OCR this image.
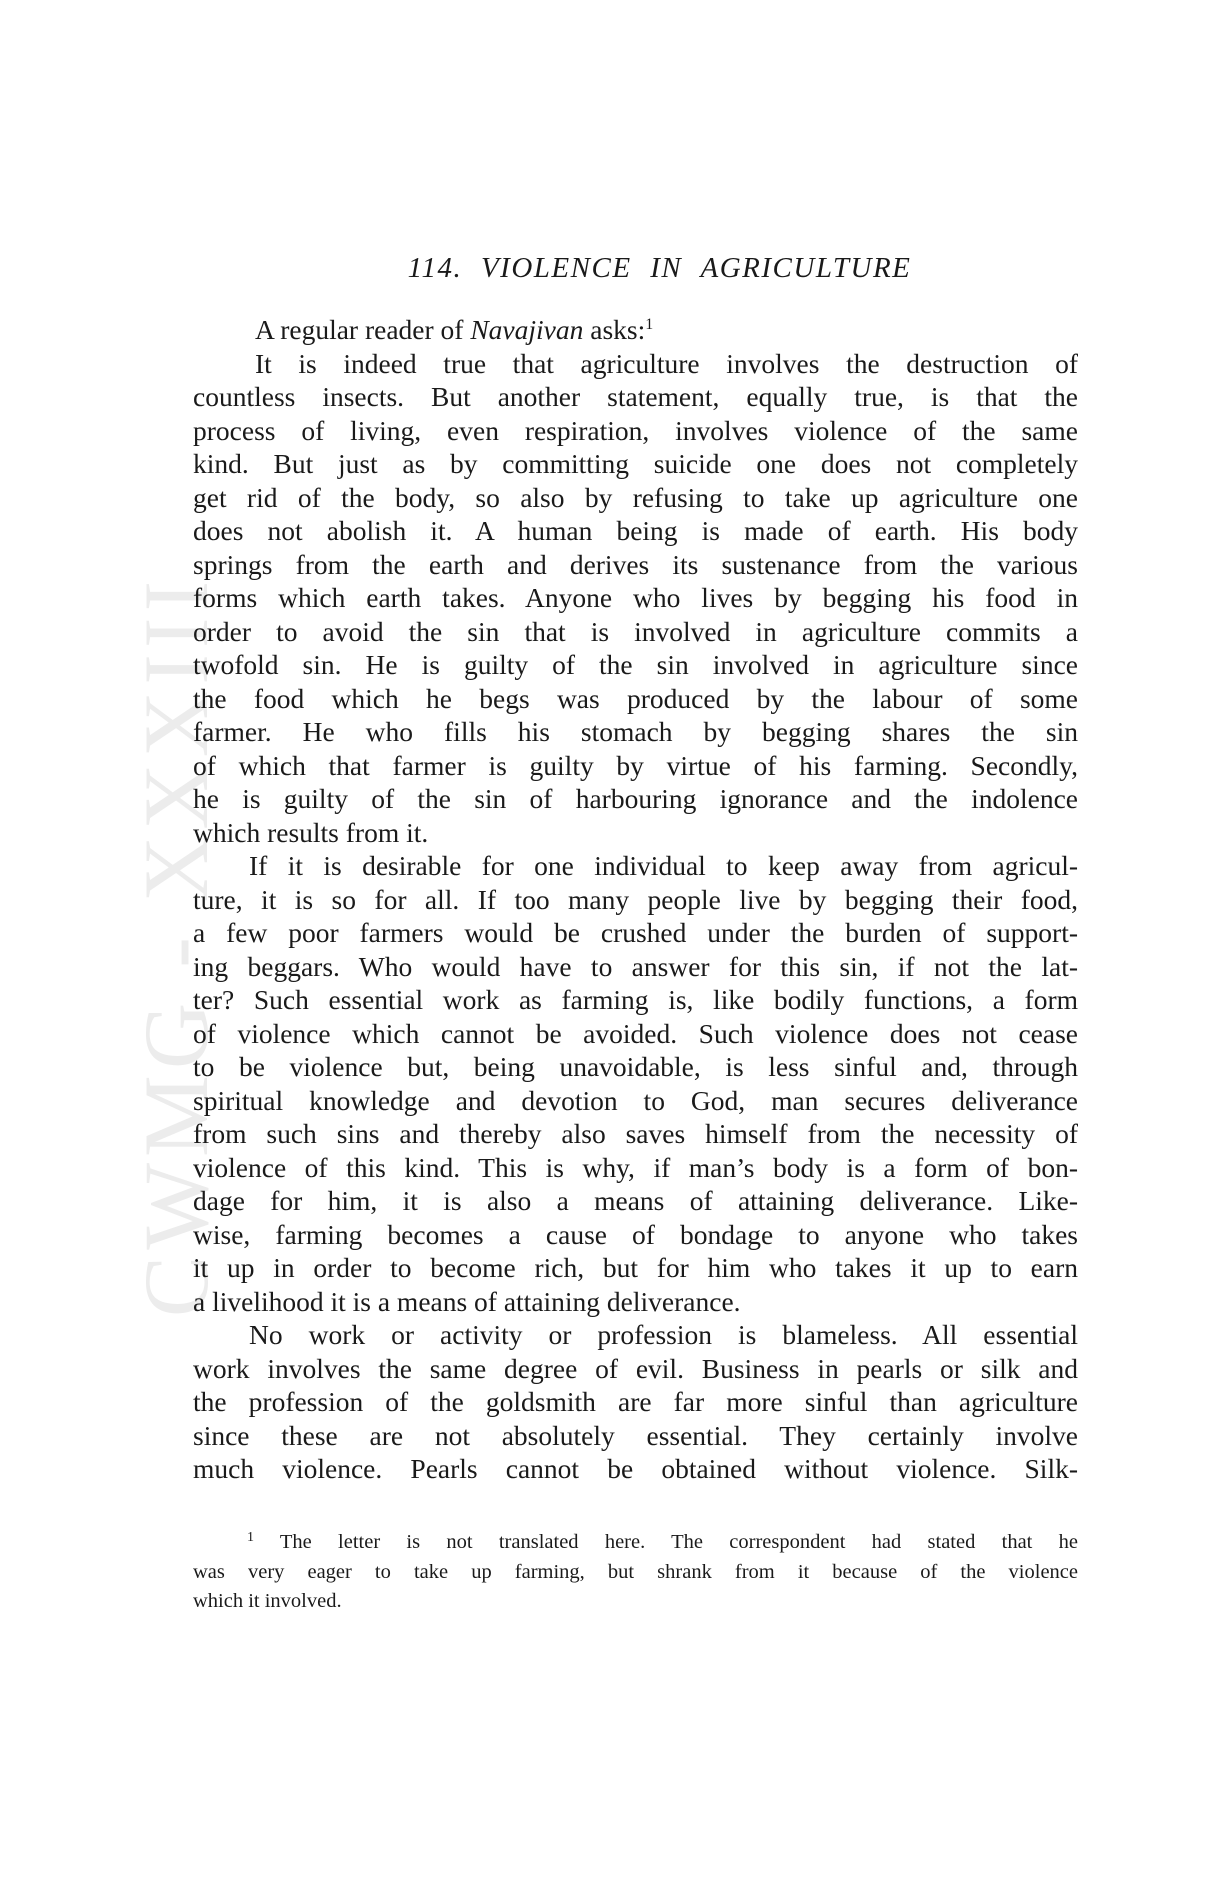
CWMG - XXXIII
114. VIOLENCE IN AGRICULTURE
A regular reader of Navajivan asks:$^1$
It is indeed true that agriculture involves the destruction of
countless insects. But another statement, equally true, is that the
process of living, even respiration, involves violence of the same
kind. But just as by committing suicide one does not completely
get rid of the body, so also by refusing to take up agriculture one
does not abolish it. A human being is made of earth. His body
springs from the earth and derives its sustenance from the various
forms which earth takes. Anyone who lives by begging his food in
order to avoid the sin that is involved in agriculture commits a
twofold sin. He is guilty of the sin involved in agriculture since
the food which he begs was produced by the labour of some
farmer. He who fills his stomach by begging shares the sin
of which that farmer is guilty by virtue of his farming. Secondly,
he is guilty of the sin of harbouring ignorance and the indolence
which results from it.
If it is desirable for one individual to keep away from agricul-
ture, it is so for all. If too many people live by begging their food,
a few poor farmers would be crushed under the burden of support-
ing beggars. Who would have to answer for this sin, if not the lat-
ter? Such essential work as farming is, like bodily functions, a form
of violence which cannot be avoided. Such violence does not cease
to be violence but, being unavoidable, is less sinful and, through
spiritual knowledge and devotion to God, man secures deliverance
from such sins and thereby also saves himself from the necessity of
violence of this kind. This is why, if man’s body is a form of bon-
dage for him, it is also a means of attaining deliverance. Like-
wise, farming becomes a cause of bondage to anyone who takes
it up in order to become rich, but for him who takes it up to earn
a livelihood it is a means of attaining deliverance.
No work or activity or profession is blameless. All essential
work involves the same degree of evil. Business in pearls or silk and
the profession of the goldsmith are far more sinful than agriculture
since these are not absolutely essential. They certainly involve
much violence. Pearls cannot be obtained without violence. Silk-
$^1$ The letter is not translated here. The correspondent had stated that he
was very eager to take up farming, but shrank from it because of the violence
which it involved.
